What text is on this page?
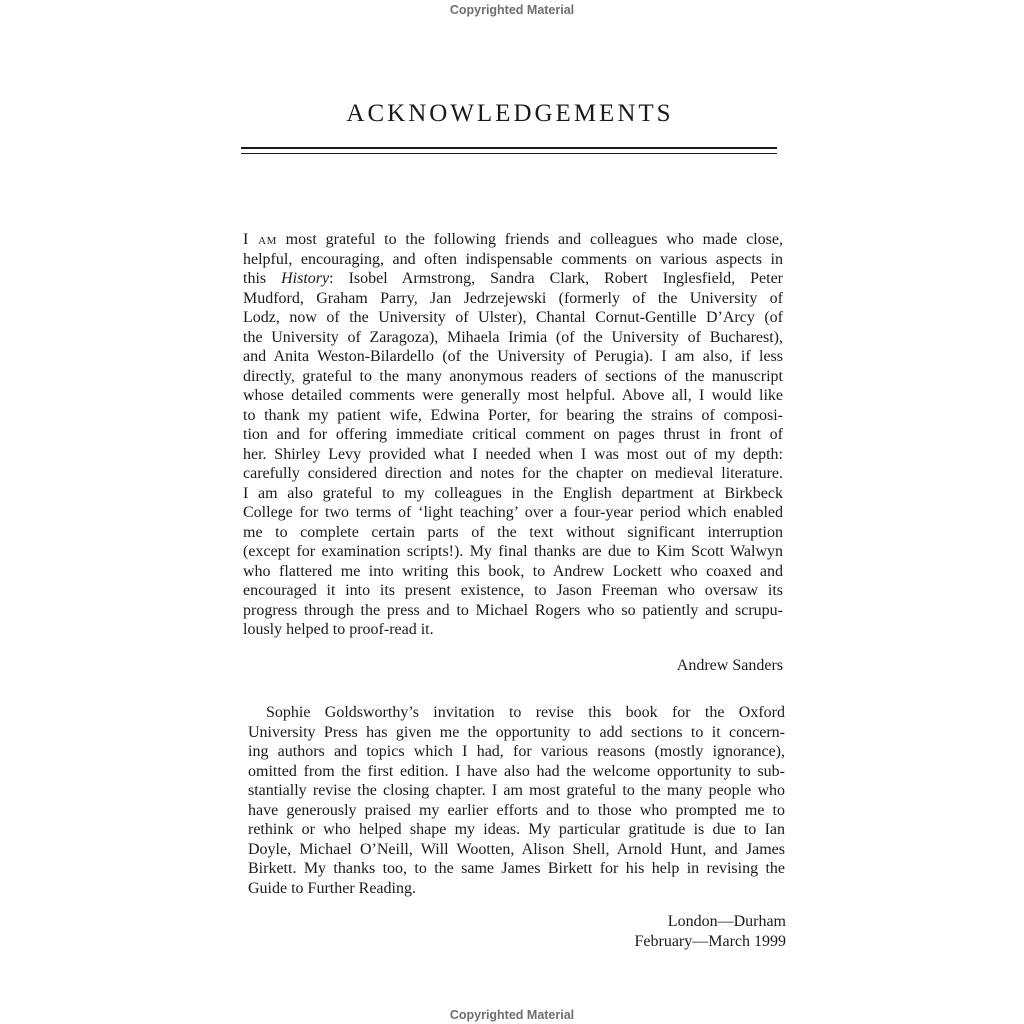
Copyrighted Material
ACKNOWLEDGEMENTS
I am most grateful to the following friends and colleagues who made close,
helpful, encouraging, and often indispensable comments on various aspects in
this History: Isobel Armstrong, Sandra Clark, Robert Inglesfield, Peter
Mudford, Graham Parry, Jan Jedrzejewski (formerly of the University of
Lodz, now of the University of Ulster), Chantal Cornut-Gentille D’Arcy (of
the University of Zaragoza), Mihaela Irimia (of the University of Bucharest),
and Anita Weston-Bilardello (of the University of Perugia). I am also, if less
directly, grateful to the many anonymous readers of sections of the manuscript
whose detailed comments were generally most helpful. Above all, I would like
to thank my patient wife, Edwina Porter, for bearing the strains of composi-
tion and for offering immediate critical comment on pages thrust in front of
her. Shirley Levy provided what I needed when I was most out of my depth:
carefully considered direction and notes for the chapter on medieval literature.
I am also grateful to my colleagues in the English department at Birkbeck
College for two terms of ‘light teaching’ over a four-year period which enabled
me to complete certain parts of the text without significant interruption
(except for examination scripts!). My final thanks are due to Kim Scott Walwyn
who flattered me into writing this book, to Andrew Lockett who coaxed and
encouraged it into its present existence, to Jason Freeman who oversaw its
progress through the press and to Michael Rogers who so patiently and scrupu-
lously helped to proof-read it.
Andrew Sanders
Sophie Goldsworthy’s invitation to revise this book for the Oxford
University Press has given me the opportunity to add sections to it concern-
ing authors and topics which I had, for various reasons (mostly ignorance),
omitted from the first edition. I have also had the welcome opportunity to sub-
stantially revise the closing chapter. I am most grateful to the many people who
have generously praised my earlier efforts and to those who prompted me to
rethink or who helped shape my ideas. My particular gratitude is due to Ian
Doyle, Michael O’Neill, Will Wootten, Alison Shell, Arnold Hunt, and James
Birkett. My thanks too, to the same James Birkett for his help in revising the
Guide to Further Reading.
London—Durham
February—March 1999
Copyrighted Material
